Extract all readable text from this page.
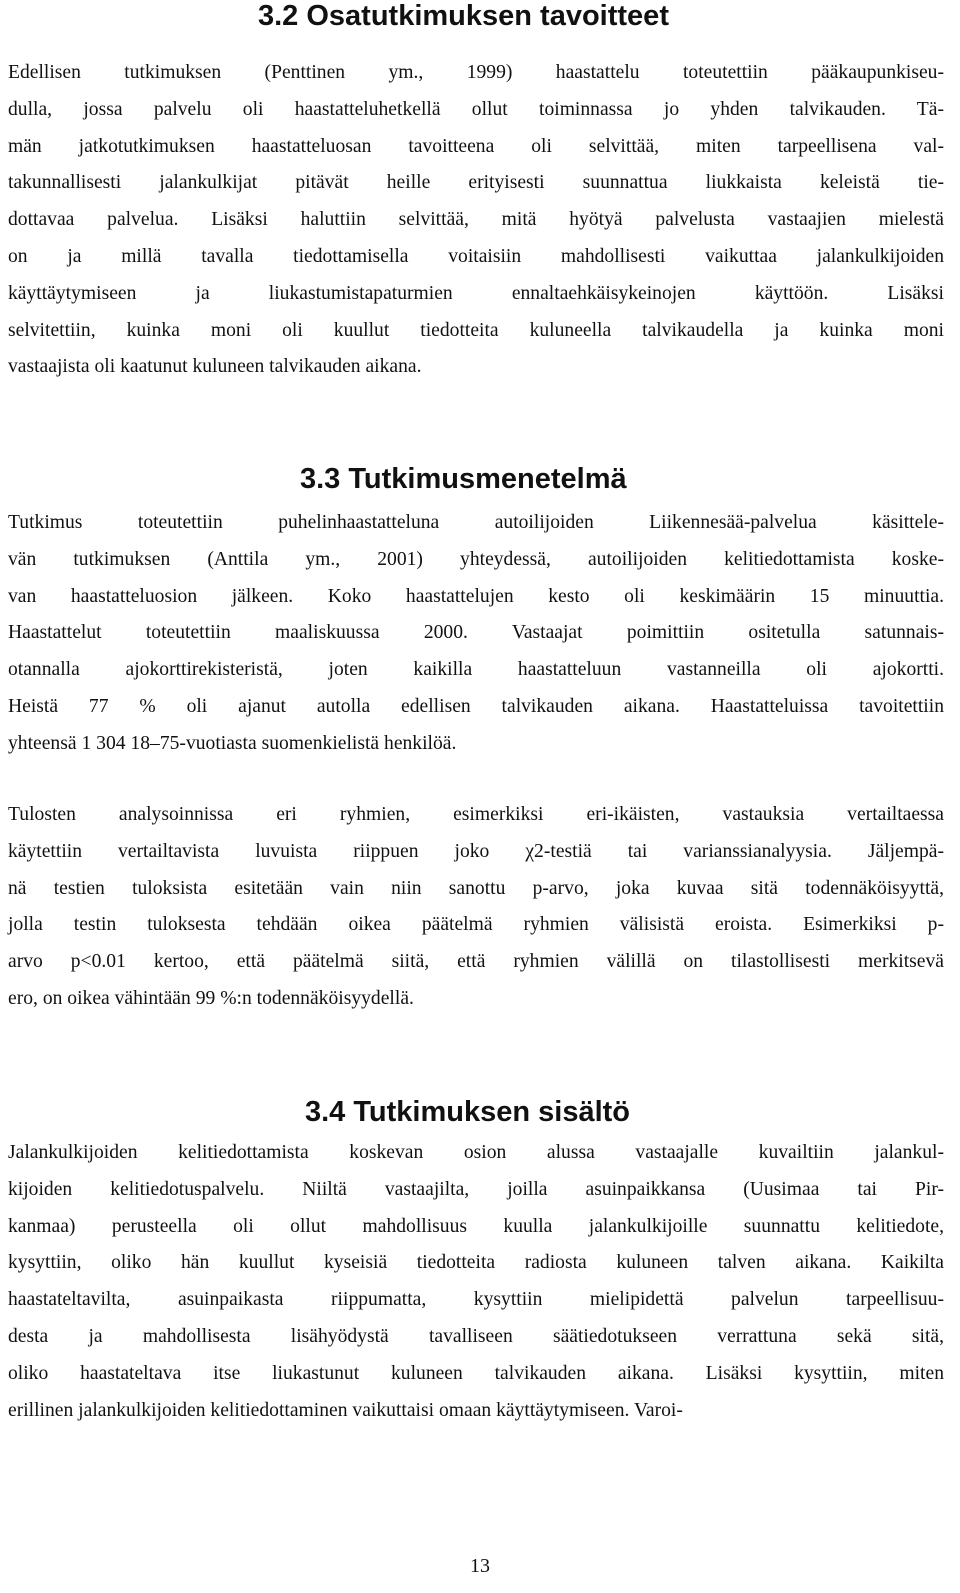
3.2 Osatutkimuksen tavoitteet
Edellisen tutkimuksen (Penttinen ym., 1999) haastattelu toteutettiin pääkaupunkiseu-
dulla, jossa palvelu oli haastatteluhetkellä ollut toiminnassa jo yhden talvikauden. Tä-
män jatkotutkimuksen haastatteluosan tavoitteena oli selvittää, miten tarpeellisena val-
takunnallisesti jalankulkijat pitävät heille erityisesti suunnattua liukkaista keleistä tie-
dottavaa palvelua. Lisäksi haluttiin selvittää, mitä hyötyä palvelusta vastaajien mielestä
on ja millä tavalla tiedottamisella voitaisiin mahdollisesti vaikuttaa jalankulkijoiden
käyttäytymiseen ja liukastumistapaturmien ennaltaehkäisykeinojen käyttöön. Lisäksi
selvitettiin, kuinka moni oli kuullut tiedotteita kuluneella talvikaudella ja kuinka moni
vastaajista oli kaatunut kuluneen talvikauden aikana.
3.3 Tutkimusmenetelmä
Tutkimus toteutettiin puhelinhaastatteluna autoilijoiden Liikennesää-palvelua käsittele-
vän tutkimuksen (Anttila ym., 2001) yhteydessä, autoilijoiden kelitiedottamista koske-
van haastatteluosion jälkeen. Koko haastattelujen kesto oli keskimäärin 15 minuuttia.
Haastattelut toteutettiin maaliskuussa 2000. Vastaajat poimittiin ositetulla satunnais-
otannalla ajokorttirekisteristä, joten kaikilla haastatteluun vastanneilla oli ajokortti.
Heistä 77 % oli ajanut autolla edellisen talvikauden aikana. Haastatteluissa tavoitettiin
yhteensä 1 304 18–75-vuotiasta suomenkielistä henkilöä.
Tulosten analysoinnissa eri ryhmien, esimerkiksi eri-ikäisten, vastauksia vertailtaessa
käytettiin vertailtavista luvuista riippuen joko χ2-testiä tai varianssianalyysia. Jäljempä-
nä testien tuloksista esitetään vain niin sanottu p-arvo, joka kuvaa sitä todennäköisyyttä,
jolla testin tuloksesta tehdään oikea päätelmä ryhmien välisistä eroista. Esimerkiksi p-
arvo p<0.01 kertoo, että päätelmä siitä, että ryhmien välillä on tilastollisesti merkitsevä
ero, on oikea vähintään 99 %:n todennäköisyydellä.
3.4 Tutkimuksen sisältö
Jalankulkijoiden kelitiedottamista koskevan osion alussa vastaajalle kuvailtiin jalankul-
kijoiden kelitiedotuspalvelu. Niiltä vastaajilta, joilla asuinpaikkansa (Uusimaa tai Pir-
kanmaa) perusteella oli ollut mahdollisuus kuulla jalankulkijoille suunnattu kelitiedote,
kysyttiin, oliko hän kuullut kyseisiä tiedotteita radiosta kuluneen talven aikana. Kaikilta
haastateltavilta, asuinpaikasta riippumatta, kysyttiin mielipidettä palvelun tarpeellisuu-
desta ja mahdollisesta lisähyödystä tavalliseen säätiedotukseen verrattuna sekä sitä,
oliko haastateltava itse liukastunut kuluneen talvikauden aikana. Lisäksi kysyttiin, miten
erillinen jalankulkijoiden kelitiedottaminen vaikuttaisi omaan käyttäytymiseen. Varoi-
13
